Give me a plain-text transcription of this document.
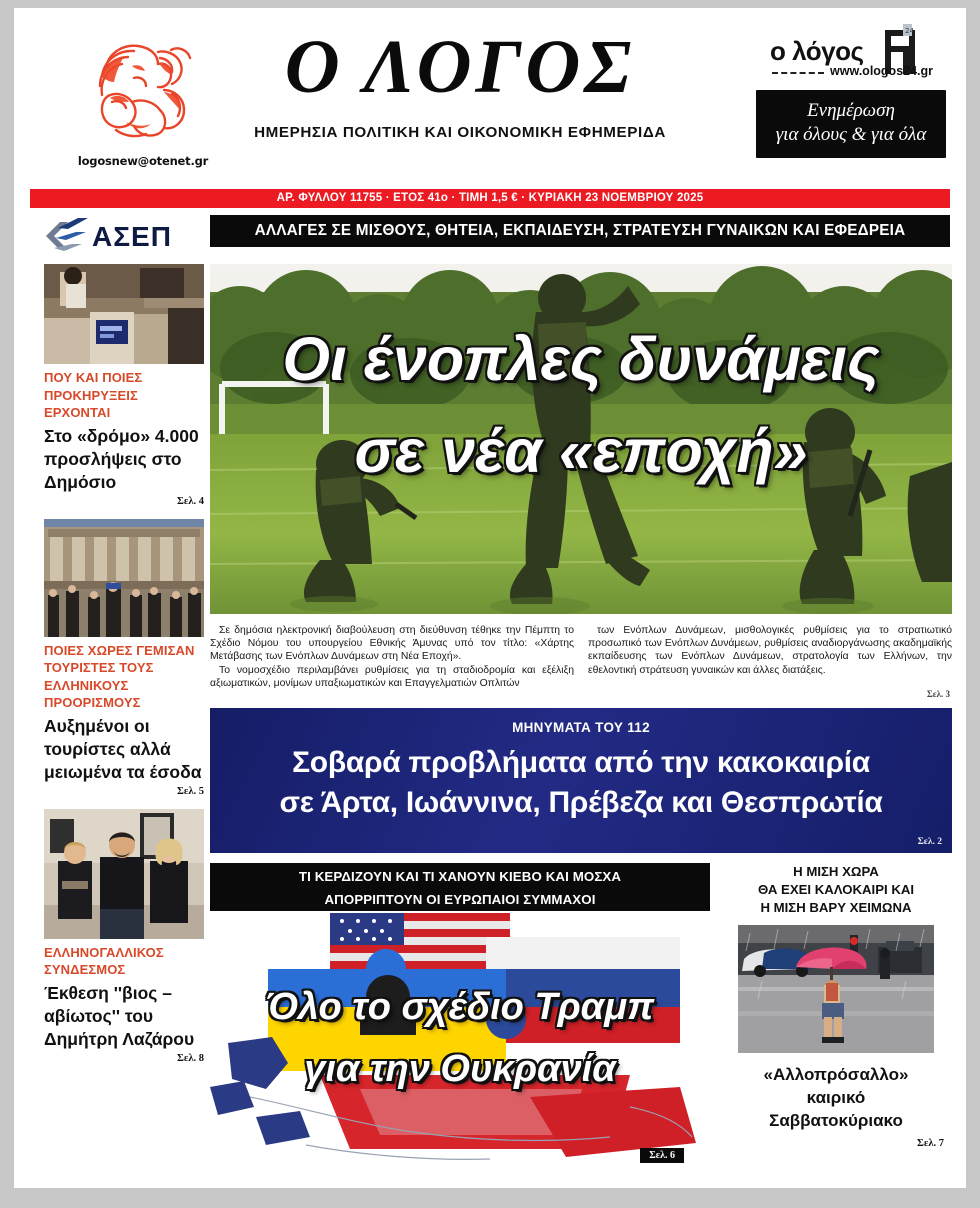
logosnew@otenet.gr
Ο ΛΟΓΟΣ
ΗΜΕΡΗΣΙΑ ΠΟΛΙΤΙΚΗ ΚΑΙ ΟΙΚΟΝΟΜΙΚΗ ΕΦΗΜΕΡΙΔΑ
ο λόγος
24
www.ologos24.gr
Ενημέρωση
για όλους & για όλα
ΑΡ. ΦΥΛΛΟΥ 11755 · ΕΤΟΣ 41ο · ΤΙΜΗ 1,5 € · ΚΥΡΙΑΚΗ 23 ΝΟΕΜΒΡΙΟΥ 2025
ΑΣΕΠ	ΑΛΛΑΓΕΣ ΣΕ ΜΙΣΘΟΥΣ, ΘΗΤΕΙΑ, ΕΚΠΑΙΔΕΥΣΗ, ΣΤΡΑΤΕΥΣΗ ΓΥΝΑΙΚΩΝ ΚΑΙ ΕΦΕΔΡΕΙΑ
ΠΟΥ ΚΑΙ ΠΟΙΕΣ ΠΡΟΚΗΡΥΞΕΙΣ ΕΡΧΟΝΤΑΙ
Στο «δρόμο» 4.000 προσλήψεις στο Δημόσιο
Σελ. 4
ΠΟΙΕΣ ΧΩΡΕΣ ΓΕΜΙΣΑΝ ΤΟΥΡΙΣΤΕΣ ΤΟΥΣ ΕΛΛΗΝΙΚΟΥΣ ΠΡΟΟΡΙΣΜΟΥΣ
Αυξημένοι οι τουρίστες αλλά μειωμένα τα έσοδα
Σελ. 5
ΕΛΛΗΝΟΓΑΛΛΙΚΟΣ ΣΥΝΔΕΣΜΟΣ
Έκθεση ''βιος – αβίωτος'' του Δημήτρη Λαζάρου
Σελ. 8
Οι ένοπλες δυνάμεις
σε νέα «εποχή»

Σε δημόσια ηλεκτρονική διαβούλευση στη διεύθυνση τέθηκε την Πέμπτη το Σχέδιο Νόμου του υπουργείου Εθνικής Άμυνας υπό τον τίτλο: «Χάρτης Μετάβασης των Ενόπλων Δυνάμεων στη Νέα Εποχή».

Το νομοσχέδιο περιλαμβάνει ρυθμίσεις για τη σταδιοδρομία και εξέλιξη αξιωματικών, μονίμων υπαξιωματικών και Επαγγελματιών Οπλιτών

των Ενόπλων Δυνάμεων, μισθολογικές ρυθμίσεις για το στρατιωτικό προσωπικό των Ενόπλων Δυνάμεων, ρυθμίσεις αναδιοργάνωσης ακαδημαϊκής εκπαίδευσης των Ενόπλων Δυνάμεων, στρατολογία των Ελλήνων, την εθελοντική στράτευση γυναικών και άλλες διατάξεις.

Σελ. 3
ΜΗΝΥΜΑΤΑ ΤΟΥ 112
Σοβαρά προβλήματα από την κακοκαιρία
σε Άρτα, Ιωάννινα, Πρέβεζα και Θεσπρωτία
Σελ. 2
ΤΙ ΚΕΡΔΙΖΟΥΝ ΚΑΙ ΤΙ ΧΑΝΟΥΝ ΚΙΕΒΟ ΚΑΙ ΜΟΣΧΑ
ΑΠΟΡΡΙΠΤΟΥΝ ΟΙ ΕΥΡΩΠΑΙΟΙ ΣΥΜΜΑΧΟΙ
Όλο το σχέδιο Τραμπ
για την Ουκρανία
Σελ. 6
Η ΜΙΣΗ ΧΩΡΑ
ΘΑ ΕΧΕΙ ΚΑΛΟΚΑΙΡΙ ΚΑΙ
Η ΜΙΣΗ ΒΑΡΥ ΧΕΙΜΩΝΑ
«Αλλοπρόσαλλο»
καιρικό
Σαββατοκύριακο
Σελ. 7
